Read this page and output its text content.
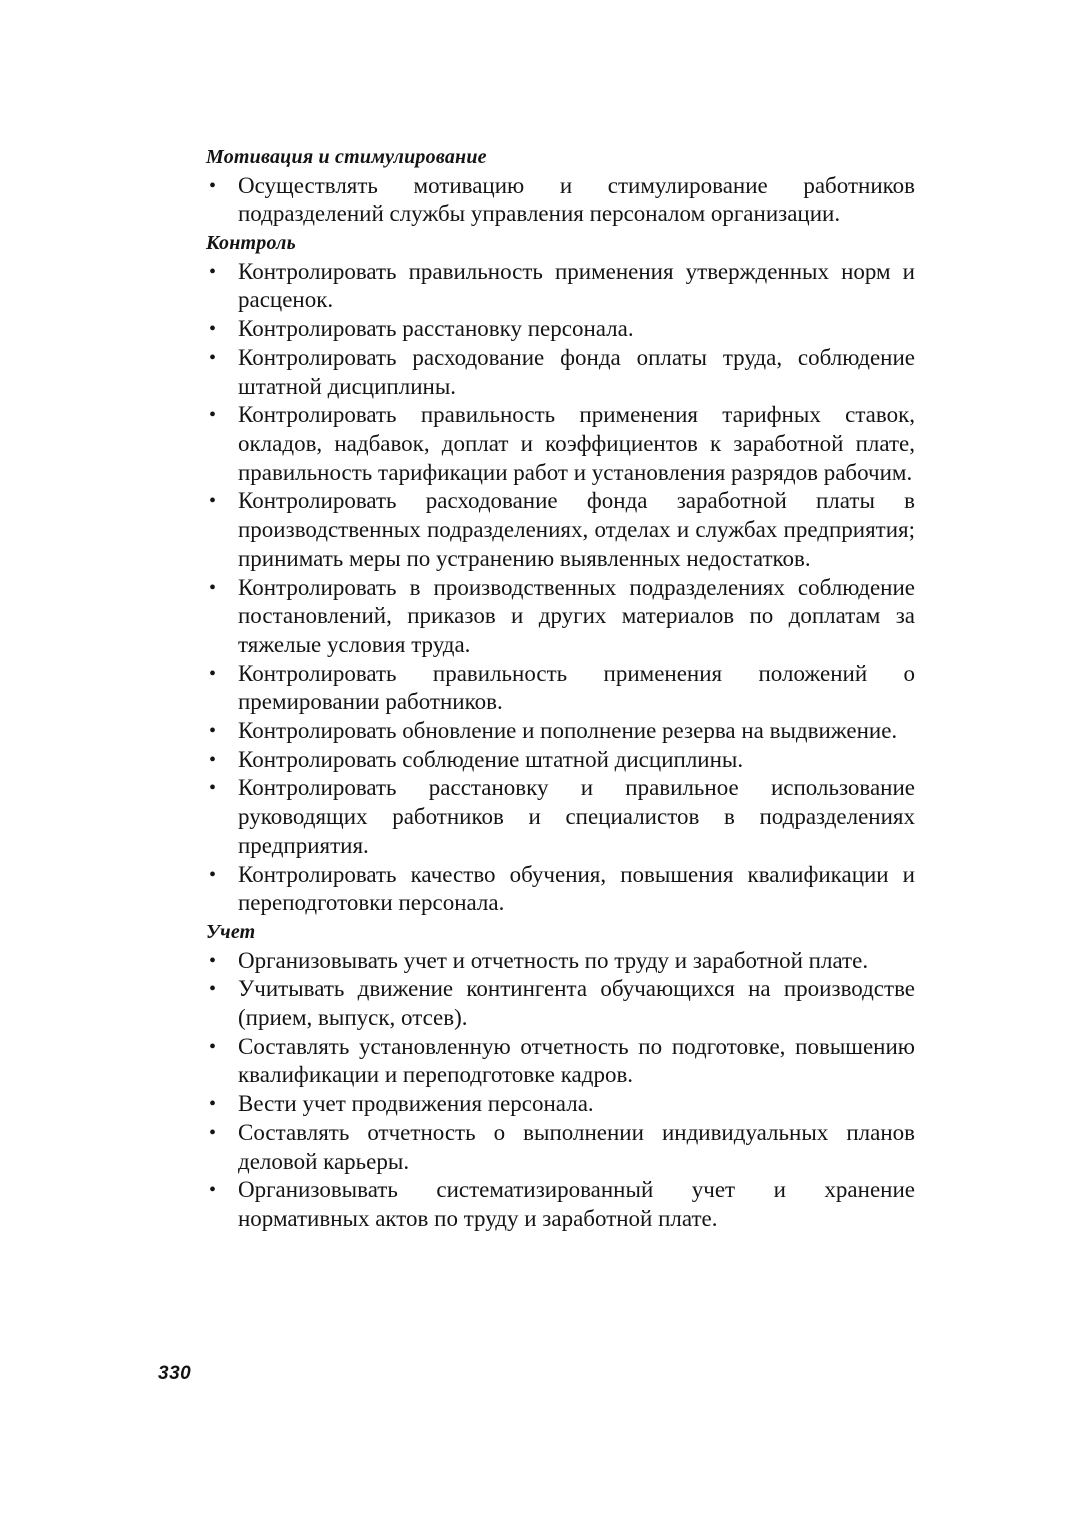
Мотивация и стимулирование
• Осуществлять мотивацию и стимулирование работников подразделений службы управления персоналом организации.
Контроль
• Контролировать правильность применения утвержденных норм и расценок.
• Контролировать расстановку персонала.
• Контролировать расходование фонда оплаты труда, соблюдение штатной дисциплины.
• Контролировать правильность применения тарифных ставок, окладов, надбавок, доплат и коэффициентов к заработной плате, правильность тарификации работ и установления разрядов рабочим.
• Контролировать расходование фонда заработной платы в производственных подразделениях, отделах и службах предприятия; принимать меры по устранению выявленных недостатков.
• Контролировать в производственных подразделениях соблюдение постановлений, приказов и других материалов по доплатам за тяжелые условия труда.
• Контролировать правильность применения положений о премировании работников.
• Контролировать обновление и пополнение резерва на выдвижение.
• Контролировать соблюдение штатной дисциплины.
• Контролировать расстановку и правильное использование руководящих работников и специалистов в подразделениях предприятия.
• Контролировать качество обучения, повышения квалификации и переподготовки персонала.
Учет
• Организовывать учет и отчетность по труду и заработной плате.
• Учитывать движение контингента обучающихся на производстве (прием, выпуск, отсев).
• Составлять установленную отчетность по подготовке, повышению квалификации и переподготовке кадров.
• Вести учет продвижения персонала.
• Составлять отчетность о выполнении индивидуальных планов деловой карьеры.
• Организовывать систематизированный учет и хранение нормативных актов по труду и заработной плате.
330
